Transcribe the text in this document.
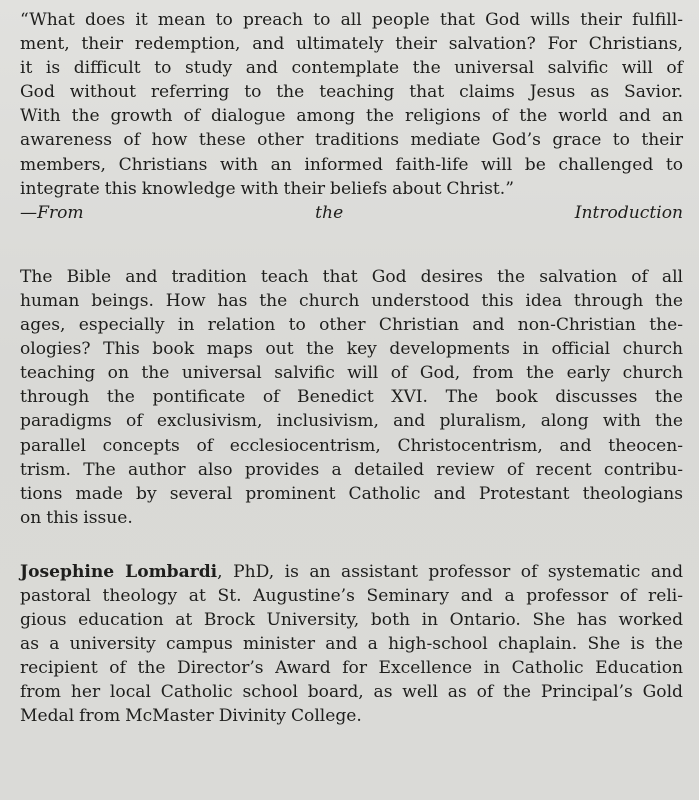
“What does it mean to preach to all people that God wills their fulfill-
ment, their redemption, and ultimately their salvation? For Christians,
it is difficult to study and contemplate the universal salvific will of
God without referring to the teaching that claims Jesus as Savior.
With the growth of dialogue among the religions of the world and an
awareness of how these other traditions mediate God’s grace to their
members, Christians with an informed faith-life will be challenged to
integrate this knowledge with their beliefs about Christ.”
—From the Introduction
The Bible and tradition teach that God desires the salvation of all
human beings. How has the church understood this idea through the
ages, especially in relation to other Christian and non-Christian the-
ologies? This book maps out the key developments in official church
teaching on the universal salvific will of God, from the early church
through the pontificate of Benedict XVI. The book discusses the
paradigms of exclusivism, inclusivism, and pluralism, along with the
parallel concepts of ecclesiocentrism, Christocentrism, and theocen-
trism. The author also provides a detailed review of recent contribu-
tions made by several prominent Catholic and Protestant theologians
on this issue.
Josephine Lombardi, PhD, is an assistant professor of systematic and
pastoral theology at St. Augustine’s Seminary and a professor of reli-
gious education at Brock University, both in Ontario. She has worked
as a university campus minister and a high-school chaplain. She is the
recipient of the Director’s Award for Excellence in Catholic Education
from her local Catholic school board, as well as of the Principal’s Gold
Medal from McMaster Divinity College.
